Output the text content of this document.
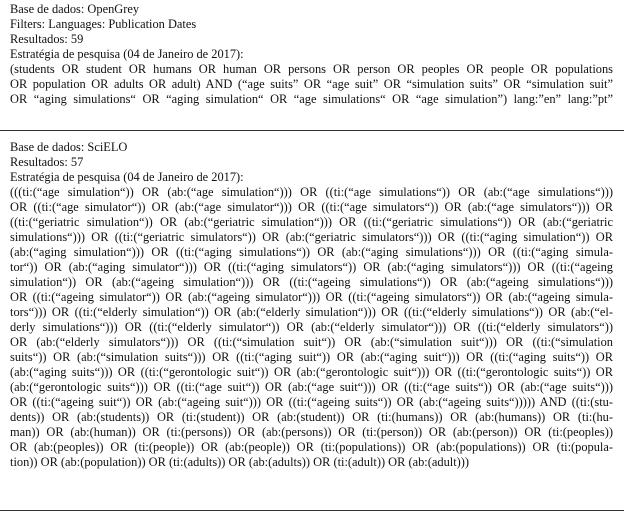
Base de dados: OpenGrey
Filters: Languages: Publication Dates
Resultados: 59
Estratégia de pesquisa (04 de Janeiro de 2017):
(students OR student OR humans OR human OR persons OR person OR peoples OR people OR populations
OR population OR adults OR adult) AND (“age suits” OR “age suit” OR “simulation suits” OR “simulation suit”
OR “aging simulations“ OR “aging simulation“ OR “age simulations“ OR “age simulation”) lang:”en” lang:”pt”
Base de dados: SciELO
Resultados: 57
Estratégia de pesquisa (04 de Janeiro de 2017):
(((ti:(“age simulation“)) OR (ab:(“age simulation“))) OR ((ti:(“age simulations“)) OR (ab:(“age simulations“)))
OR ((ti:(“age simulator“)) OR (ab:(“age simulator“))) OR ((ti:(“age simulators“)) OR (ab:(“age simulators“))) OR
((ti:(“geriatric simulation“)) OR (ab:(“geriatric simulation“))) OR ((ti:(“geriatric simulations“)) OR (ab:(“geriatric
simulations“))) OR ((ti:(“geriatric simulators“)) OR (ab:(“geriatric simulators“))) OR ((ti:(“aging simulation“)) OR
(ab:(“aging simulation“))) OR ((ti:(“aging simulations“)) OR (ab:(“aging simulations“))) OR ((ti:(“aging simula-
tor“)) OR (ab:(“aging simulator“))) OR ((ti:(“aging simulators“)) OR (ab:(“aging simulators“))) OR ((ti:(“ageing
simulation“)) OR (ab:(“ageing simulation“))) OR ((ti:(“ageing simulations“)) OR (ab:(“ageing simulations“)))
OR ((ti:(“ageing simulator“)) OR (ab:(“ageing simulator“))) OR ((ti:(“ageing simulators“)) OR (ab:(“ageing simula-
tors“))) OR ((ti:(“elderly simulation“)) OR (ab:(“elderly simulation“))) OR ((ti:(“elderly simulations“)) OR (ab:(“el-
derly simulations“))) OR ((ti:(“elderly simulator“)) OR (ab:(“elderly simulator“))) OR ((ti:(“elderly simulators“))
OR (ab:(“elderly simulators“))) OR ((ti:(“simulation suit“)) OR (ab:(“simulation suit“))) OR ((ti:(“simulation
suits“)) OR (ab:(“simulation suits“))) OR ((ti:(“aging suit“)) OR (ab:(“aging suit“))) OR ((ti:(“aging suits“)) OR
(ab:(“aging suits“))) OR ((ti:(“gerontologic suit“)) OR (ab:(“gerontologic suit“))) OR ((ti:(“gerontologic suits“)) OR
(ab:(“gerontologic suits“))) OR ((ti:(“age suit“)) OR (ab:(“age suit“))) OR ((ti:(“age suits“)) OR (ab:(“age suits“)))
OR ((ti:(“ageing suit“)) OR (ab:(“ageing suit“))) OR ((ti:(“ageing suits“)) OR (ab:(“ageing suits“))))) AND ((ti:(stu-
dents)) OR (ab:(students)) OR (ti:(student)) OR (ab:(student)) OR (ti:(humans)) OR (ab:(humans)) OR (ti:(hu-
man)) OR (ab:(human)) OR (ti:(persons)) OR (ab:(persons)) OR (ti:(person)) OR (ab:(person)) OR (ti:(peoples))
OR (ab:(peoples)) OR (ti:(people)) OR (ab:(people)) OR (ti:(populations)) OR (ab:(populations)) OR (ti:(popula-
tion)) OR (ab:(population)) OR (ti:(adults)) OR (ab:(adults)) OR (ti:(adult)) OR (ab:(adult)))
